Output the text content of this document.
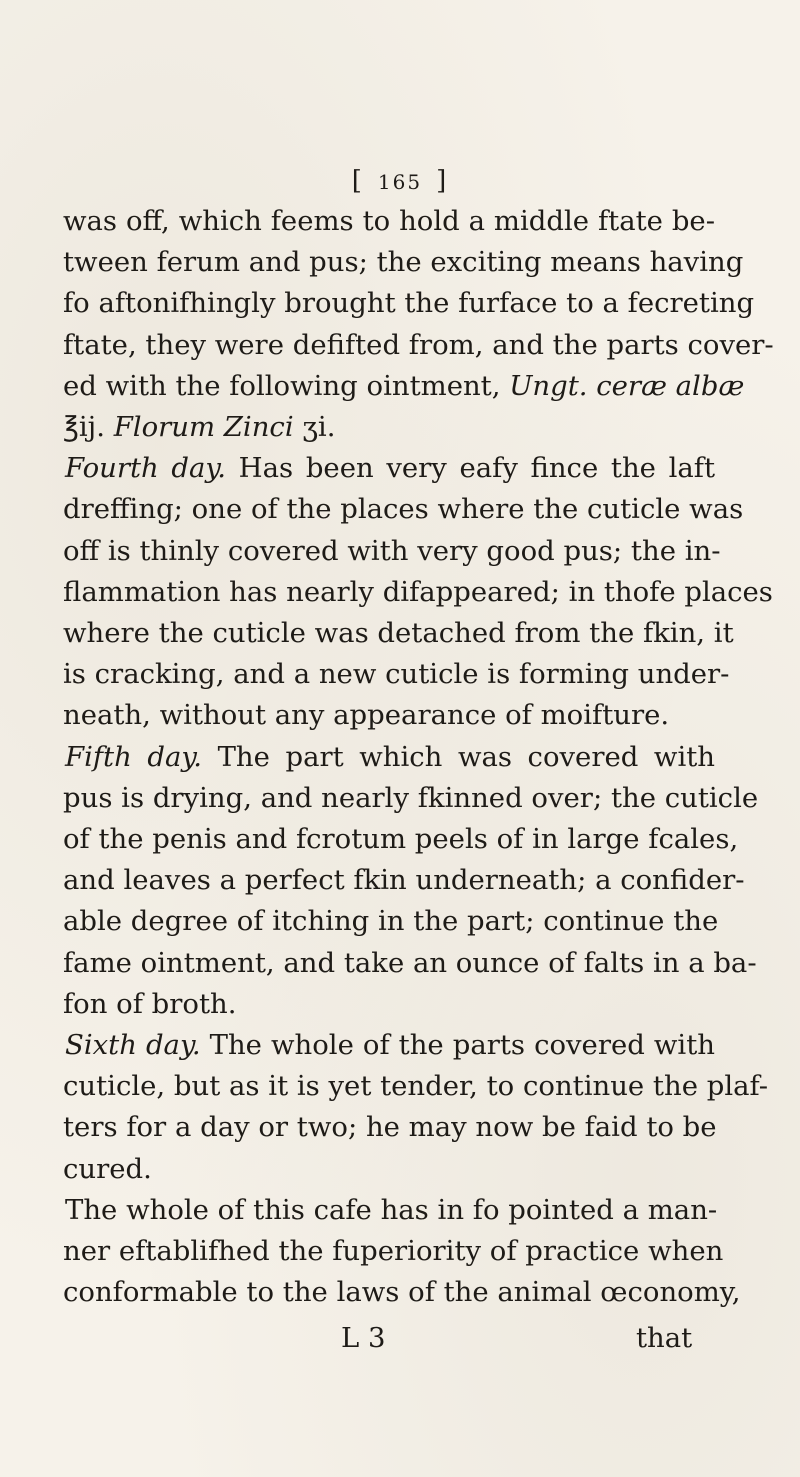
[ 165 ]
was off, which feems to hold a middle ftate be-
tween ferum and pus; the exciting means having
fo aftonifhingly brought the furface to a fecreting
ftate, they were defifted from, and the parts cover-
ed with the following ointment, Ungt. ceræ albæ
℥ij. Florum Zinci ʒi.
Fourth day. Has been very eafy fince the laft
dreffing; one of the places where the cuticle was
off is thinly covered with very good pus; the in-
flammation has nearly difappeared; in thofe places
where the cuticle was detached from the fkin, it
is cracking, and a new cuticle is forming under-
neath, without any appearance of moifture.
Fifth day. The part which was covered with
pus is drying, and nearly fkinned over; the cuticle
of the penis and fcrotum peels of in large fcales,
and leaves a perfect fkin underneath; a confider-
able degree of itching in the part; continue the
fame ointment, and take an ounce of falts in a ba-
fon of broth.
Sixth day. The whole of the parts covered with
cuticle, but as it is yet tender, to continue the plaf-
ters for a day or two; he may now be faid to be
cured.
The whole of this cafe has in fo pointed a man-
ner eftablifhed the fuperiority of practice when
conformable to the laws of the animal œconomy,
L 3	that
